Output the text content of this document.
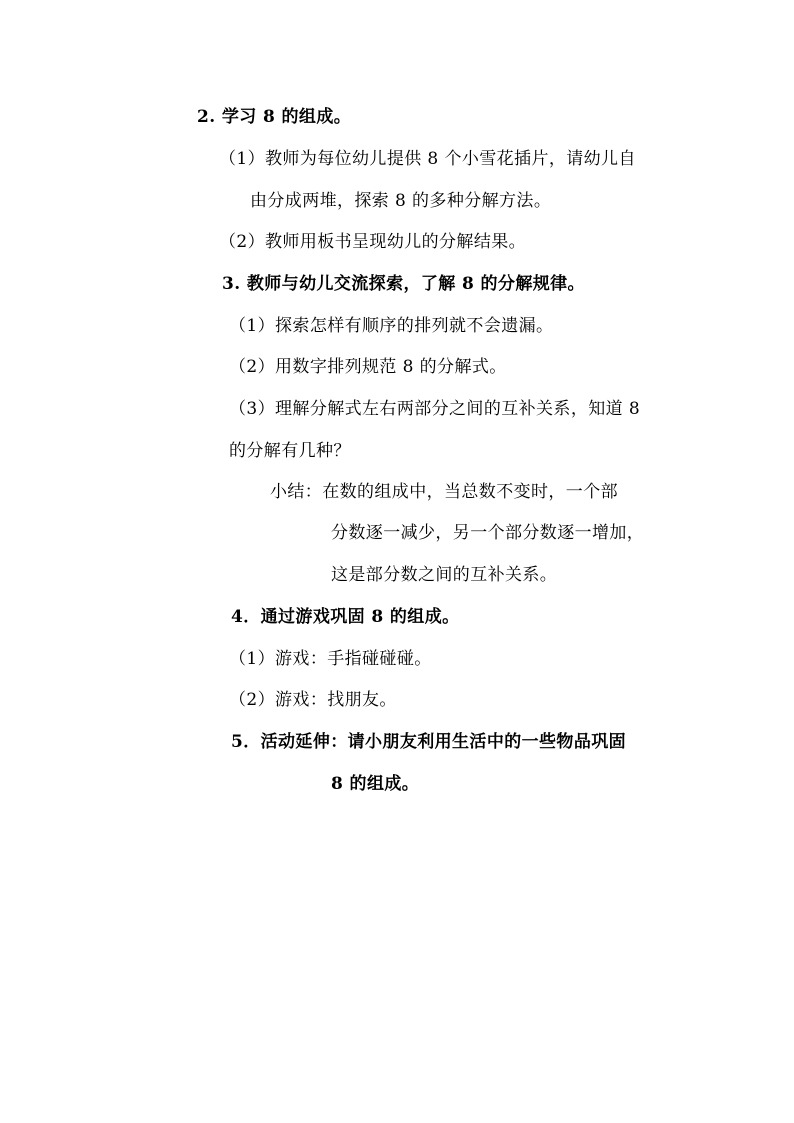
2. 学习 8 的组成。
（1）教师为每位幼儿提供 8 个小雪花插片，请幼儿自
由分成两堆，探索 8 的多种分解方法。
（2）教师用板书呈现幼儿的分解结果。
3. 教师与幼儿交流探索，了解 8 的分解规律。
（1）探索怎样有顺序的排列就不会遗漏。
（2）用数字排列规范 8 的分解式。
（3）理解分解式左右两部分之间的互补关系，知道 8
的分解有几种？
小结：在数的组成中，当总数不变时，一个部
分数逐一减少，另一个部分数逐一增加，
这是部分数之间的互补关系。
4．通过游戏巩固 8 的组成。
（1）游戏：手指碰碰碰。
（2）游戏：找朋友。
5．活动延伸：请小朋友利用生活中的一些物品巩固
8 的组成。
